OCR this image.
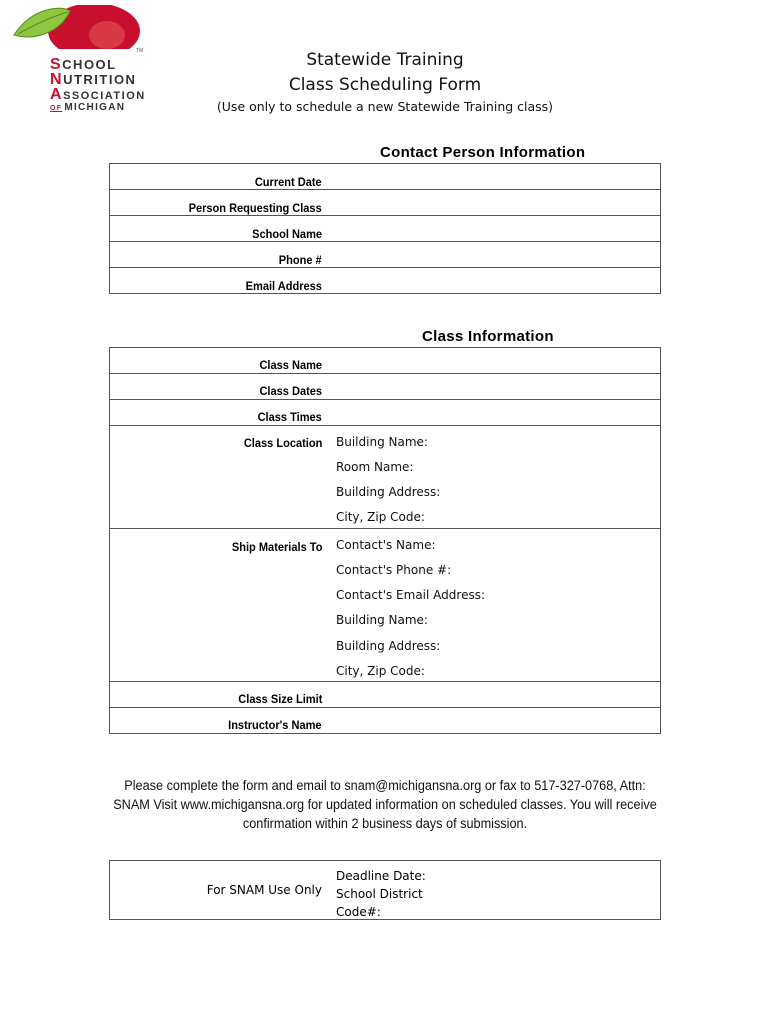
TM
SCHOOL
NUTRITION
ASSOCIATION
OF MICHIGAN
Statewide Training
Class Scheduling Form
(Use only to schedule a new Statewide Training class)
Contact Person Information
Current Date
Person Requesting Class
School Name
Phone #
Email Address
Class Information
Class Name
Class Dates
Class Times
Class Location Building Name:
Room Name:
Building Address:
City, Zip Code:
Ship Materials To Contact's Name:
Contact's Phone #:
Contact's Email Address:
Building Name:
Building Address:
City, Zip Code:
Class Size Limit
Instructor's Name
Please complete the form and email to snam@michigansna.org or fax to 517-327-0768, Attn:
SNAM Visit www.michigansna.org for updated information on scheduled classes. You will receive
confirmation within 2 business days of submission.
For SNAM Use Only
Deadline Date:
School District
Code#:
